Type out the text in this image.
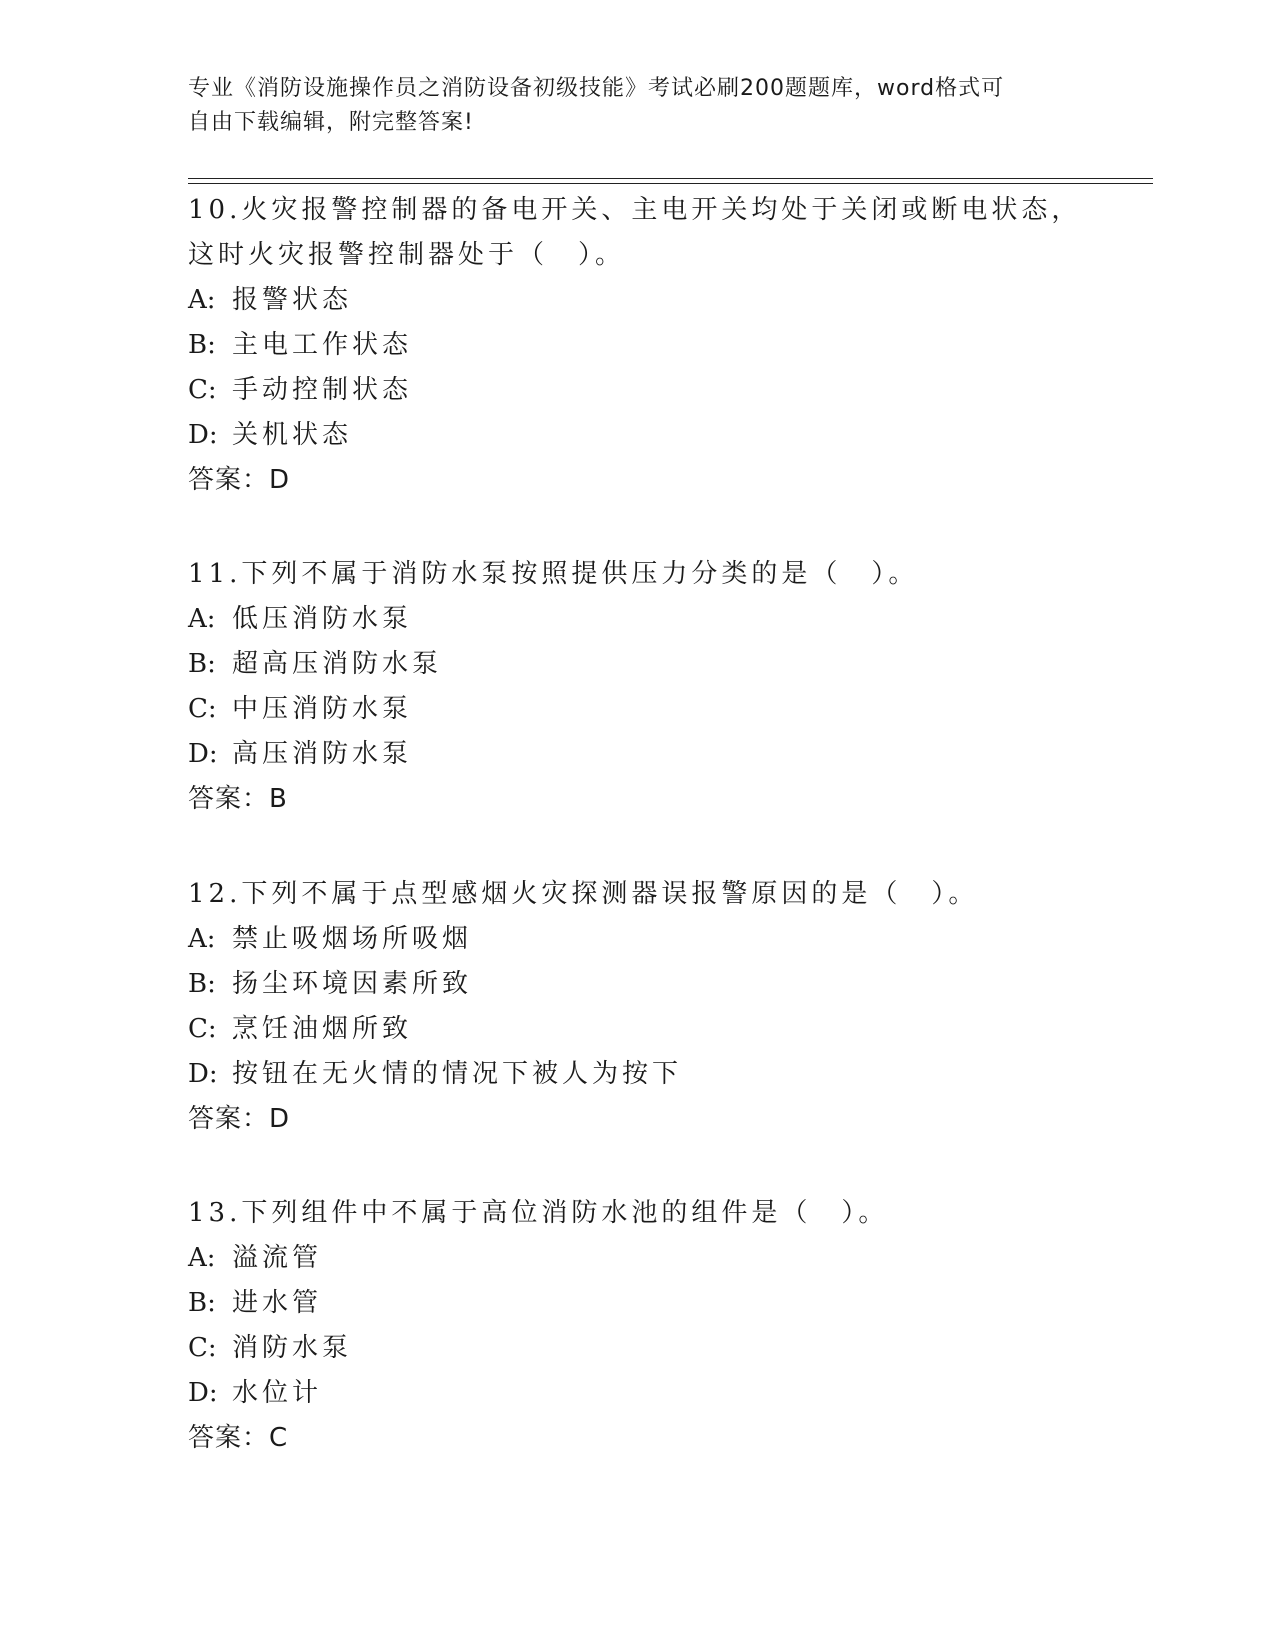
专业《消防设施操作员之消防设备初级技能》考试必刷200题题库，word格式可
自由下载编辑，附完整答案!

10.火灾报警控制器的备电开关、主电开关均处于关闭或断电状态，这时火灾报警控制器处于（　）。

A: 报警状态

B: 主电工作状态

C: 手动控制状态

D: 关机状态

答案：D

11.下列不属于消防水泵按照提供压力分类的是（　）。

A: 低压消防水泵

B: 超高压消防水泵

C: 中压消防水泵

D: 高压消防水泵

答案：B

12.下列不属于点型感烟火灾探测器误报警原因的是（　）。

A: 禁止吸烟场所吸烟

B: 扬尘环境因素所致

C: 烹饪油烟所致

D: 按钮在无火情的情况下被人为按下

答案：D

13.下列组件中不属于高位消防水池的组件是（　）。

A: 溢流管

B: 进水管

C: 消防水泵

D: 水位计

答案：C
